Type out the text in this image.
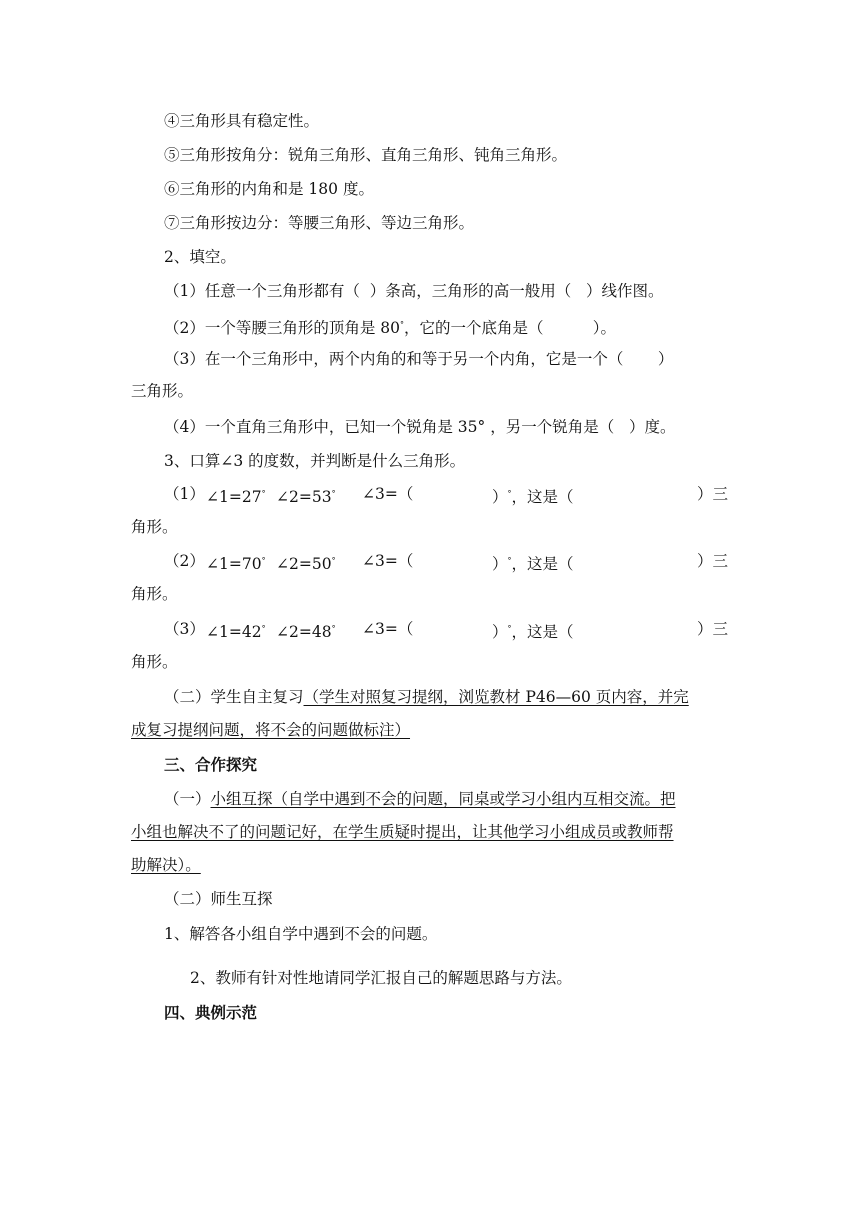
④三角形具有稳定性。
⑤三角形按角分：锐角三角形、直角三角形、钝角三角形。
⑥三角形的内角和是 180 度。
⑦三角形按边分：等腰三角形、等边三角形。
2、填空。
（1）任意一个三角形都有（  ）条高，三角形的高一般用（   ）线作图。
（2）一个等腰三角形的顶角是 80°，它的一个底角是（          ）。
（3）在一个三角形中，两个内角的和等于另一个内角，它是一个（       ）
三角形。
（4）一个直角三角形中，已知一个锐角是 35° ，另一个锐角是（   ）度。
3、口算∠3 的度数，并判断是什么三角形。
（1） ∠1=27° ∠2=53° ∠3=（	）°，这是（	）三
角形。
（2） ∠1=70° ∠2=50° ∠3=（	）°，这是（	）三
角形。
（3） ∠1=42° ∠2=48° ∠3=（	）°，这是（	）三
角形。
（二）学生自主复习（学生对照复习提纲，浏览教材 P46—60 页内容，并完
成复习提纲问题，将不会的问题做标注）
三、合作探究
（一）小组互探（自学中遇到不会的问题，同桌或学习小组内互相交流。把
小组也解决不了的问题记好，在学生质疑时提出，让其他学习小组成员或教师帮
助解决）。
（二）师生互探
1、解答各小组自学中遇到不会的问题。
2、教师有针对性地请同学汇报自己的解题思路与方法。
四、典例示范
